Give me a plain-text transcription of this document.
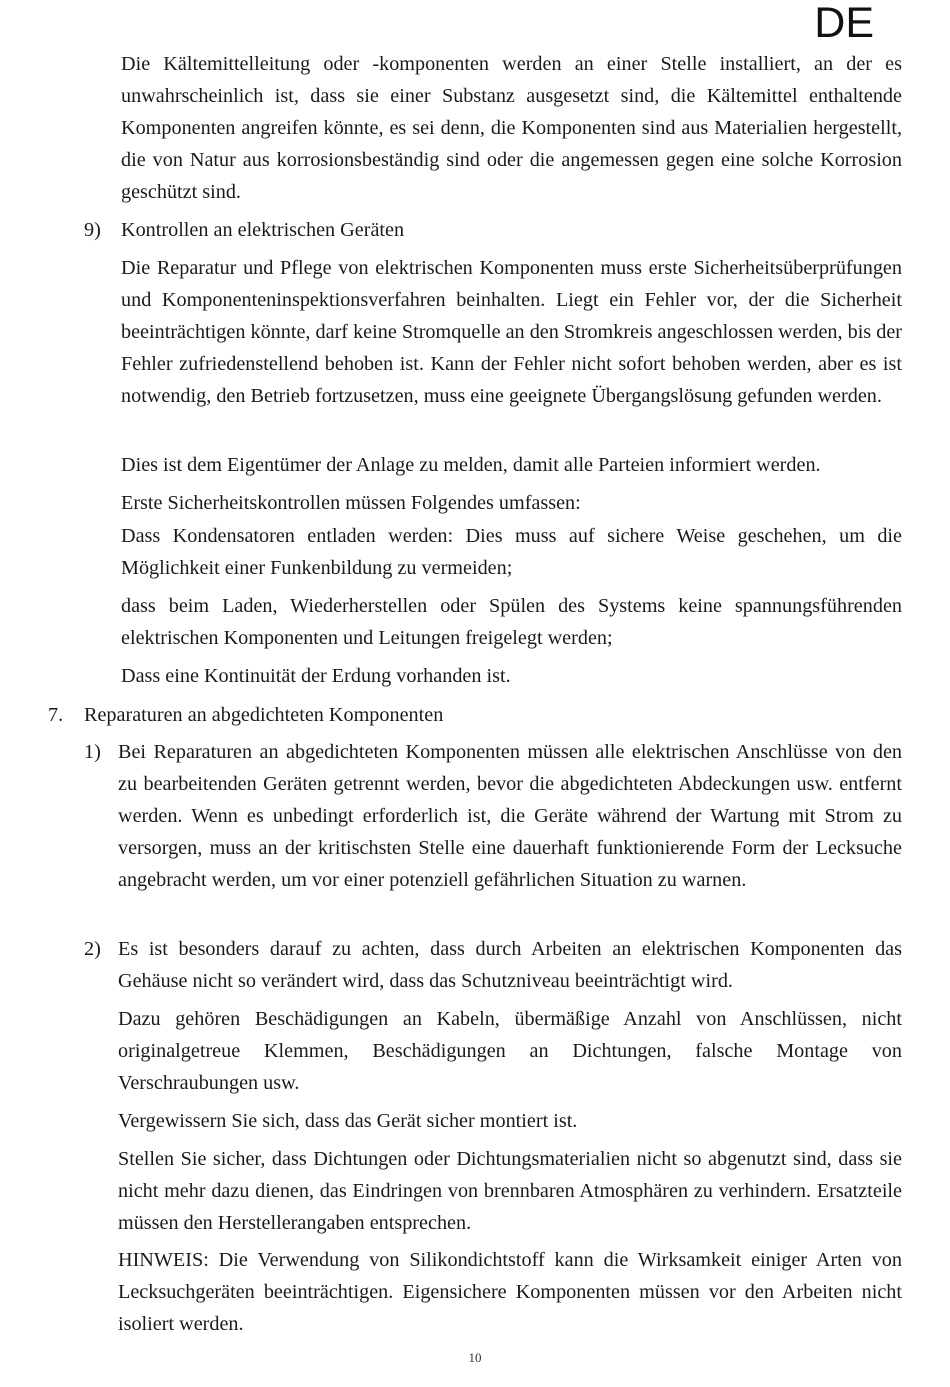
DE

Die Kältemittelleitung oder -komponenten werden an einer Stelle installiert, an der es unwahrscheinlich ist, dass sie einer Substanz ausgesetzt sind, die Kältemittel enthaltende Komponenten angreifen könnte, es sei denn, die Komponenten sind aus Materialien hergestellt, die von Natur aus korrosionsbeständig sind oder die angemessen gegen eine solche Korrosion geschützt sind.

9) Kontrollen an elektrischen Geräten

Die Reparatur und Pflege von elektrischen Komponenten muss erste Sicherheitsüberprüfungen und Komponenteninspektionsverfahren beinhalten. Liegt ein Fehler vor, der die Sicherheit beeinträchtigen könnte, darf keine Stromquelle an den Stromkreis angeschlossen werden, bis der Fehler zufriedenstellend behoben ist. Kann der Fehler nicht sofort behoben werden, aber es ist notwendig, den Betrieb fortzusetzen, muss eine geeignete Übergangslösung gefunden werden.

Dies ist dem Eigentümer der Anlage zu melden, damit alle Parteien informiert werden.

Erste Sicherheitskontrollen müssen Folgendes umfassen:

Dass Kondensatoren entladen werden: Dies muss auf sichere Weise geschehen, um die Möglichkeit einer Funkenbildung zu vermeiden;

dass beim Laden, Wiederherstellen oder Spülen des Systems keine spannungsführenden elektrischen Komponenten und Leitungen freigelegt werden;

Dass eine Kontinuität der Erdung vorhanden ist.

7. Reparaturen an abgedichteten Komponenten
1) Bei Reparaturen an abgedichteten Komponenten müssen alle elektrischen Anschlüsse von den zu bearbeitenden Geräten getrennt werden, bevor die abgedichteten Abdeckungen usw. entfernt werden. Wenn es unbedingt erforderlich ist, die Geräte während der Wartung mit Strom zu versorgen, muss an der kritischsten Stelle eine dauerhaft funktionierende Form der Lecksuche angebracht werden, um vor einer potenziell gefährlichen Situation zu warnen.

2) Es ist besonders darauf zu achten, dass durch Arbeiten an elektrischen Komponenten das Gehäuse nicht so verändert wird, dass das Schutzniveau beeinträchtigt wird.

Dazu gehören Beschädigungen an Kabeln, übermäßige Anzahl von Anschlüssen, nicht originalgetreue Klemmen, Beschädigungen an Dichtungen, falsche Montage von Verschraubungen usw.

Vergewissern Sie sich, dass das Gerät sicher montiert ist.

Stellen Sie sicher, dass Dichtungen oder Dichtungsmaterialien nicht so abgenutzt sind, dass sie nicht mehr dazu dienen, das Eindringen von brennbaren Atmosphären zu verhindern. Ersatzteile müssen den Herstellerangaben entsprechen.

HINWEIS: Die Verwendung von Silikondichtstoff kann die Wirksamkeit einiger Arten von Lecksuchgeräten beeinträchtigen. Eigensichere Komponenten müssen vor den Arbeiten nicht isoliert werden.

10
